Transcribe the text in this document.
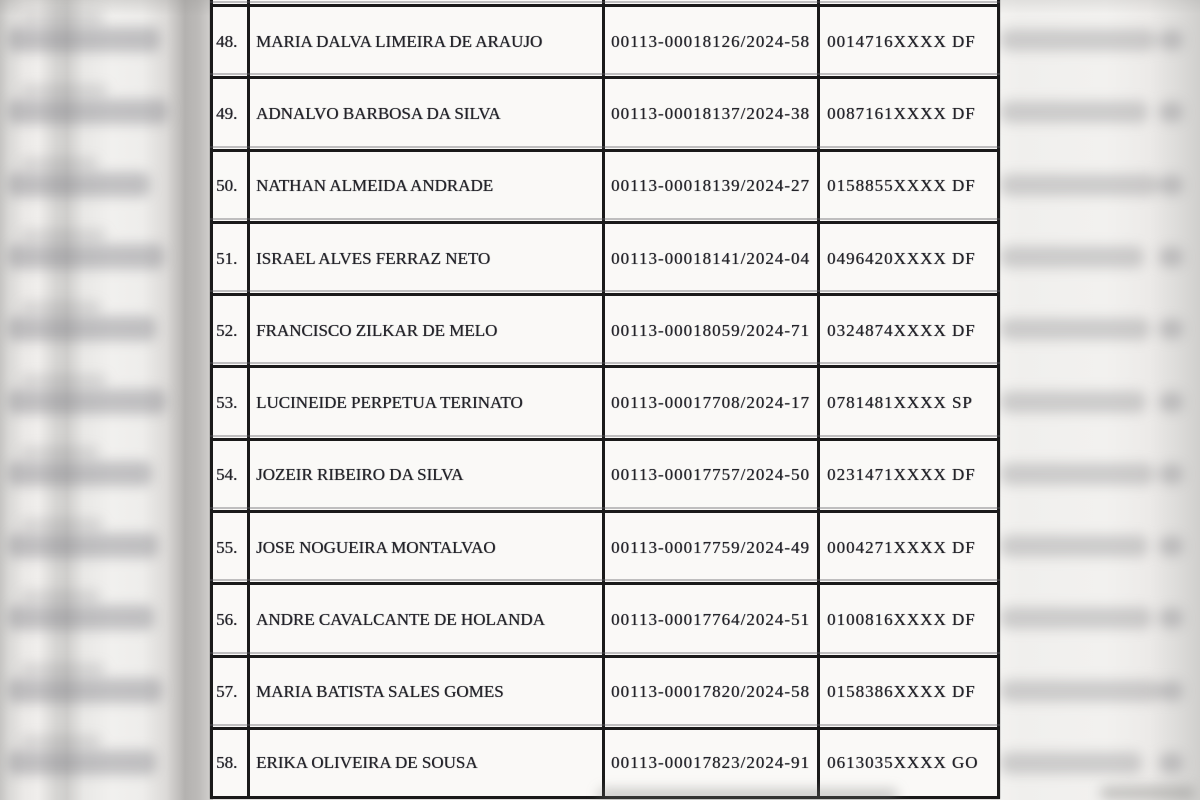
48.	MARIA DALVA LIMEIRA DE ARAUJO	00113-00018126/2024-58	0014716XXXX DF
49.	ADNALVO BARBOSA DA SILVA	00113-00018137/2024-38	0087161XXXX DF
50.	NATHAN ALMEIDA ANDRADE	00113-00018139/2024-27	0158855XXXX DF
51.	ISRAEL ALVES FERRAZ NETO	00113-00018141/2024-04	0496420XXXX DF
52.	FRANCISCO ZILKAR DE MELO	00113-00018059/2024-71	0324874XXXX DF
53.	LUCINEIDE PERPETUA TERINATO	00113-00017708/2024-17	0781481XXXX SP
54.	JOZEIR RIBEIRO DA SILVA	00113-00017757/2024-50	0231471XXXX DF
55.	JOSE NOGUEIRA MONTALVAO	00113-00017759/2024-49	0004271XXXX DF
56.	ANDRE CAVALCANTE DE HOLANDA	00113-00017764/2024-51	0100816XXXX DF
57.	MARIA BATISTA SALES GOMES	00113-00017820/2024-58	0158386XXXX DF
58.	ERIKA OLIVEIRA DE SOUSA	00113-00017823/2024-91	0613035XXXX GO
